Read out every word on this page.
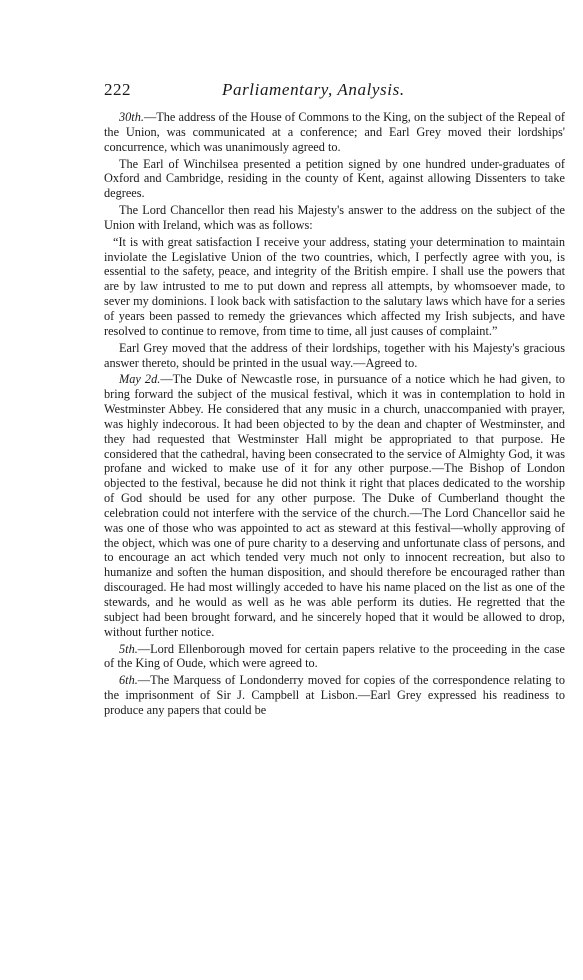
222	Parliamentary, Analysis.

30th.—The address of the House of Commons to the King, on the subject of the Repeal of the Union, was communicated at a conference; and Earl Grey moved their lordships' concurrence, which was unanimously agreed to.

The Earl of Winchilsea presented a petition signed by one hundred under-graduates of Oxford and Cambridge, residing in the county of Kent, against allowing Dissenters to take degrees.

The Lord Chancellor then read his Majesty's answer to the address on the subject of the Union with Ireland, which was as follows:

“It is with great satisfaction I receive your address, stating your determination to maintain inviolate the Legislative Union of the two countries, which, I perfectly agree with you, is essential to the safety, peace, and integrity of the British empire. I shall use the powers that are by law intrusted to me to put down and repress all attempts, by whomsoever made, to sever my dominions. I look back with satisfaction to the salutary laws which have for a series of years been passed to remedy the grievances which affected my Irish subjects, and have resolved to continue to remove, from time to time, all just causes of complaint.”

Earl Grey moved that the address of their lordships, together with his Majesty's gracious answer thereto, should be printed in the usual way.—Agreed to.

May 2d.—The Duke of Newcastle rose, in pursuance of a notice which he had given, to bring forward the subject of the musical festival, which it was in contemplation to hold in Westminster Abbey. He considered that any music in a church, unaccompanied with prayer, was highly indecorous. It had been objected to by the dean and chapter of Westminster, and they had requested that Westminster Hall might be appropriated to that purpose. He considered that the cathedral, having been consecrated to the service of Almighty God, it was profane and wicked to make use of it for any other purpose.—The Bishop of London objected to the festival, because he did not think it right that places dedicated to the worship of God should be used for any other purpose. The Duke of Cumberland thought the celebration could not interfere with the service of the church.—The Lord Chancellor said he was one of those who was appointed to act as steward at this festival—wholly approving of the object, which was one of pure charity to a deserving and unfortunate class of persons, and to encourage an act which tended very much not only to innocent recreation, but also to humanize and soften the human disposition, and should therefore be encouraged rather than discouraged. He had most willingly acceded to have his name placed on the list as one of the stewards, and he would as well as he was able perform its duties. He regretted that the subject had been brought forward, and he sincerely hoped that it would be allowed to drop, without further notice.

5th.—Lord Ellenborough moved for certain papers relative to the proceeding in the case of the King of Oude, which were agreed to.

6th.—The Marquess of Londonderry moved for copies of the correspondence relating to the imprisonment of Sir J. Campbell at Lisbon.—Earl Grey expressed his readiness to produce any papers that could be
